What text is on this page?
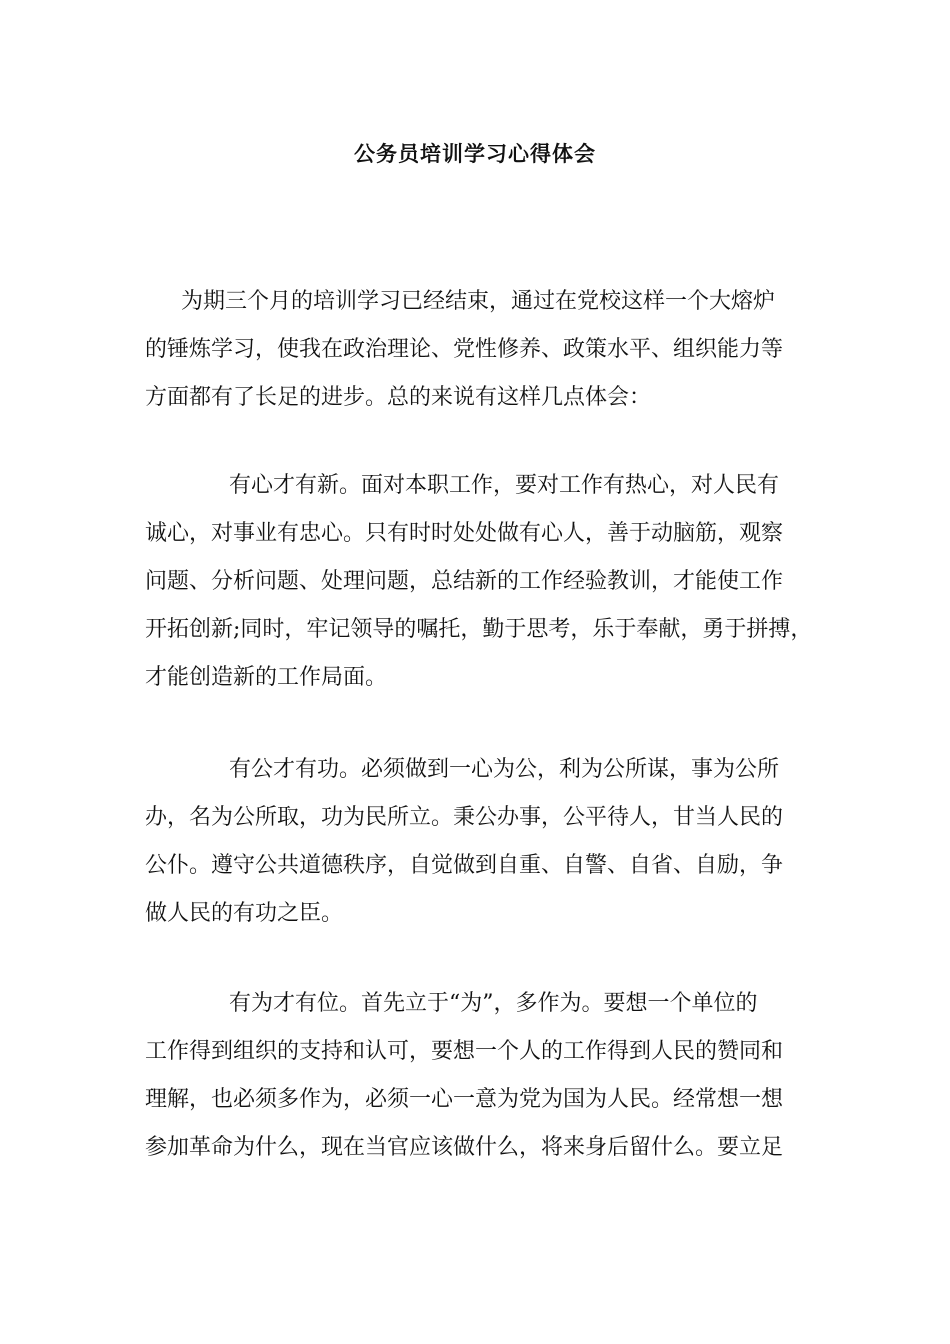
公务员培训学习心得体会
为期三个月的培训学习已经结束，通过在党校这样一个大熔炉
的锤炼学习，使我在政治理论、党性修养、政策水平、组织能力等
方面都有了长足的进步。总的来说有这样几点体会：
有心才有新。面对本职工作，要对工作有热心，对人民有
诚心，对事业有忠心。只有时时处处做有心人，善于动脑筋，观察
问题、分析问题、处理问题，总结新的工作经验教训，才能使工作
开拓创新;同时，牢记领导的嘱托，勤于思考，乐于奉献，勇于拼搏，
才能创造新的工作局面。
有公才有功。必须做到一心为公，利为公所谋，事为公所
办，名为公所取，功为民所立。秉公办事，公平待人，甘当人民的
公仆。遵守公共道德秩序，自觉做到自重、自警、自省、自励，争
做人民的有功之臣。
有为才有位。首先立于“为”，多作为。要想一个单位的
工作得到组织的支持和认可，要想一个人的工作得到人民的赞同和
理解，也必须多作为，必须一心一意为党为国为人民。经常想一想
参加革命为什么，现在当官应该做什么，将来身后留什么。要立足
